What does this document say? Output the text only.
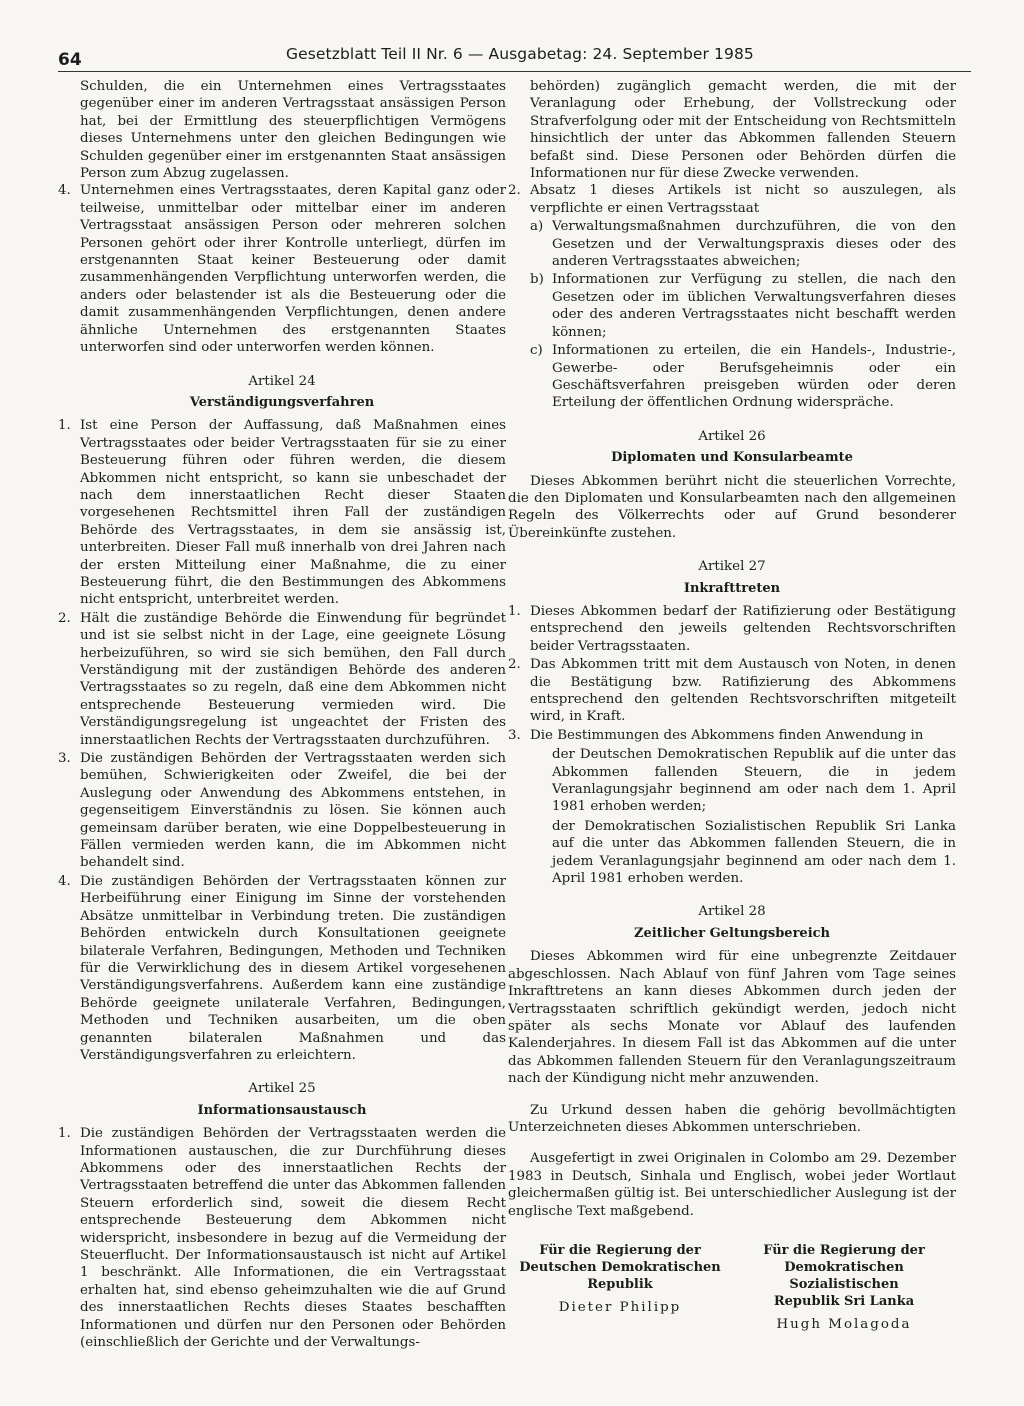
64	Gesetzblatt Teil II Nr. 6 — Ausgabetag: 24. September 1985

Schulden, die ein Unternehmen eines Vertragsstaates gegenüber einer im anderen Vertragsstaat ansässigen Person hat, bei der Ermittlung des steuerpflichtigen Vermögens dieses Unternehmens unter den gleichen Bedingungen wie Schulden gegenüber einer im erstgenannten Staat ansässigen Person zum Abzug zugelassen.

4. Unternehmen eines Vertragsstaates, deren Kapital ganz oder teilweise, unmittelbar oder mittelbar einer im anderen Vertragsstaat ansässigen Person oder mehreren solchen Personen gehört oder ihrer Kontrolle unterliegt, dürfen im erstgenannten Staat keiner Besteuerung oder damit zusammenhängenden Verpflichtung unterworfen werden, die anders oder belastender ist als die Besteuerung oder die damit zusammenhängenden Verpflichtungen, denen andere ähnliche Unternehmen des erstgenannten Staates unterworfen sind oder unterworfen werden können.
Artikel 24
Verständigungsverfahren
1. Ist eine Person der Auffassung, daß Maßnahmen eines Vertragsstaates oder beider Vertragsstaaten für sie zu einer Besteuerung führen oder führen werden, die diesem Abkommen nicht entspricht, so kann sie unbeschadet der nach dem innerstaatlichen Recht dieser Staaten vorgesehenen Rechtsmittel ihren Fall der zuständigen Behörde des Vertragsstaates, in dem sie ansässig ist, unterbreiten. Dieser Fall muß innerhalb von drei Jahren nach der ersten Mitteilung einer Maßnahme, die zu einer Besteuerung führt, die den Bestimmungen des Abkommens nicht entspricht, unterbreitet werden.
2. Hält die zuständige Behörde die Einwendung für begründet und ist sie selbst nicht in der Lage, eine geeignete Lösung herbeizuführen, so wird sie sich bemühen, den Fall durch Verständigung mit der zuständigen Behörde des anderen Vertragsstaates so zu regeln, daß eine dem Abkommen nicht entsprechende Besteuerung vermieden wird. Die Verständigungsregelung ist ungeachtet der Fristen des innerstaatlichen Rechts der Vertragsstaaten durchzuführen.
3. Die zuständigen Behörden der Vertragsstaaten werden sich bemühen, Schwierigkeiten oder Zweifel, die bei der Auslegung oder Anwendung des Abkommens entstehen, in gegenseitigem Einverständnis zu lösen. Sie können auch gemeinsam darüber beraten, wie eine Doppelbesteuerung in Fällen vermieden werden kann, die im Abkommen nicht behandelt sind.
4. Die zuständigen Behörden der Vertragsstaaten können zur Herbeiführung einer Einigung im Sinne der vorstehenden Absätze unmittelbar in Verbindung treten. Die zuständigen Behörden entwickeln durch Konsultationen geeignete bilaterale Verfahren, Bedingungen, Methoden und Techniken für die Verwirklichung des in diesem Artikel vorgesehenen Verständigungsverfahrens. Außerdem kann eine zuständige Behörde geeignete unilaterale Verfahren, Bedingungen, Methoden und Techniken ausarbeiten, um die oben genannten bilateralen Maßnahmen und das Verständigungsverfahren zu erleichtern.
Artikel 25
Informationsaustausch
1. Die zuständigen Behörden der Vertragsstaaten werden die Informationen austauschen, die zur Durchführung dieses Abkommens oder des innerstaatlichen Rechts der Vertragsstaaten betreffend die unter das Abkommen fallenden Steuern erforderlich sind, soweit die diesem Recht entsprechende Besteuerung dem Abkommen nicht widerspricht, insbesondere in bezug auf die Vermeidung der Steuerflucht. Der Informationsaustausch ist nicht auf Artikel 1 beschränkt. Alle Informationen, die ein Vertragsstaat erhalten hat, sind ebenso geheimzuhalten wie die auf Grund des innerstaatlichen Rechts dieses Staates beschafften Informationen und dürfen nur den Personen oder Behörden (einschließlich der Gerichte und der Verwaltungs-

behörden) zugänglich gemacht werden, die mit der Veranlagung oder Erhebung, der Vollstreckung oder Strafverfolgung oder mit der Entscheidung von Rechtsmitteln hinsichtlich der unter das Abkommen fallenden Steuern befaßt sind. Diese Personen oder Behörden dürfen die Informationen nur für diese Zwecke verwenden.

2. Absatz 1 dieses Artikels ist nicht so auszulegen, als verpflichte er einen Vertragsstaat
a) Verwaltungsmaßnahmen durchzuführen, die von den Gesetzen und der Verwaltungspraxis dieses oder des anderen Vertragsstaates abweichen;
b) Informationen zur Verfügung zu stellen, die nach den Gesetzen oder im üblichen Verwaltungsverfahren dieses oder des anderen Vertragsstaates nicht beschafft werden können;
c) Informationen zu erteilen, die ein Handels-, Industrie-, Gewerbe- oder Berufsgeheimnis oder ein Geschäftsverfahren preisgeben würden oder deren Erteilung der öffentlichen Ordnung widerspräche.
Artikel 26
Diplomaten und Konsularbeamte

Dieses Abkommen berührt nicht die steuerlichen Vorrechte, die den Diplomaten und Konsularbeamten nach den allgemeinen Regeln des Völkerrechts oder auf Grund besonderer Übereinkünfte zustehen.

Artikel 27
Inkrafttreten
1. Dieses Abkommen bedarf der Ratifizierung oder Bestätigung entsprechend den jeweils geltenden Rechtsvorschriften beider Vertragsstaaten.
2. Das Abkommen tritt mit dem Austausch von Noten, in denen die Bestätigung bzw. Ratifizierung des Abkommens entsprechend den geltenden Rechtsvorschriften mitgeteilt wird, in Kraft.
3. Die Bestimmungen des Abkommens finden Anwendung in

der Deutschen Demokratischen Republik auf die unter das Abkommen fallenden Steuern, die in jedem Veranlagungsjahr beginnend am oder nach dem 1. April 1981 erhoben werden;

der Demokratischen Sozialistischen Republik Sri Lanka auf die unter das Abkommen fallenden Steuern, die in jedem Veranlagungsjahr beginnend am oder nach dem 1. April 1981 erhoben werden.

Artikel 28
Zeitlicher Geltungsbereich

Dieses Abkommen wird für eine unbegrenzte Zeitdauer abgeschlossen. Nach Ablauf von fünf Jahren vom Tage seines Inkrafttretens an kann dieses Abkommen durch jeden der Vertragsstaaten schriftlich gekündigt werden, jedoch nicht später als sechs Monate vor Ablauf des laufenden Kalenderjahres. In diesem Fall ist das Abkommen auf die unter das Abkommen fallenden Steuern für den Veranlagungszeitraum nach der Kündigung nicht mehr anzuwenden.

Zu Urkund dessen haben die gehörig bevollmächtigten Unterzeichneten dieses Abkommen unterschrieben.

Ausgefertigt in zwei Originalen in Colombo am 29. Dezember 1983 in Deutsch, Sinhala und Englisch, wobei jeder Wortlaut gleichermaßen gültig ist. Bei unterschiedlicher Auslegung ist der englische Text maßgebend.

Für die Regierung der
Deutschen Demokratischen
Republik
Dieter Philipp
Für die Regierung der
Demokratischen Sozialistischen
Republik Sri Lanka
Hugh Molagoda
